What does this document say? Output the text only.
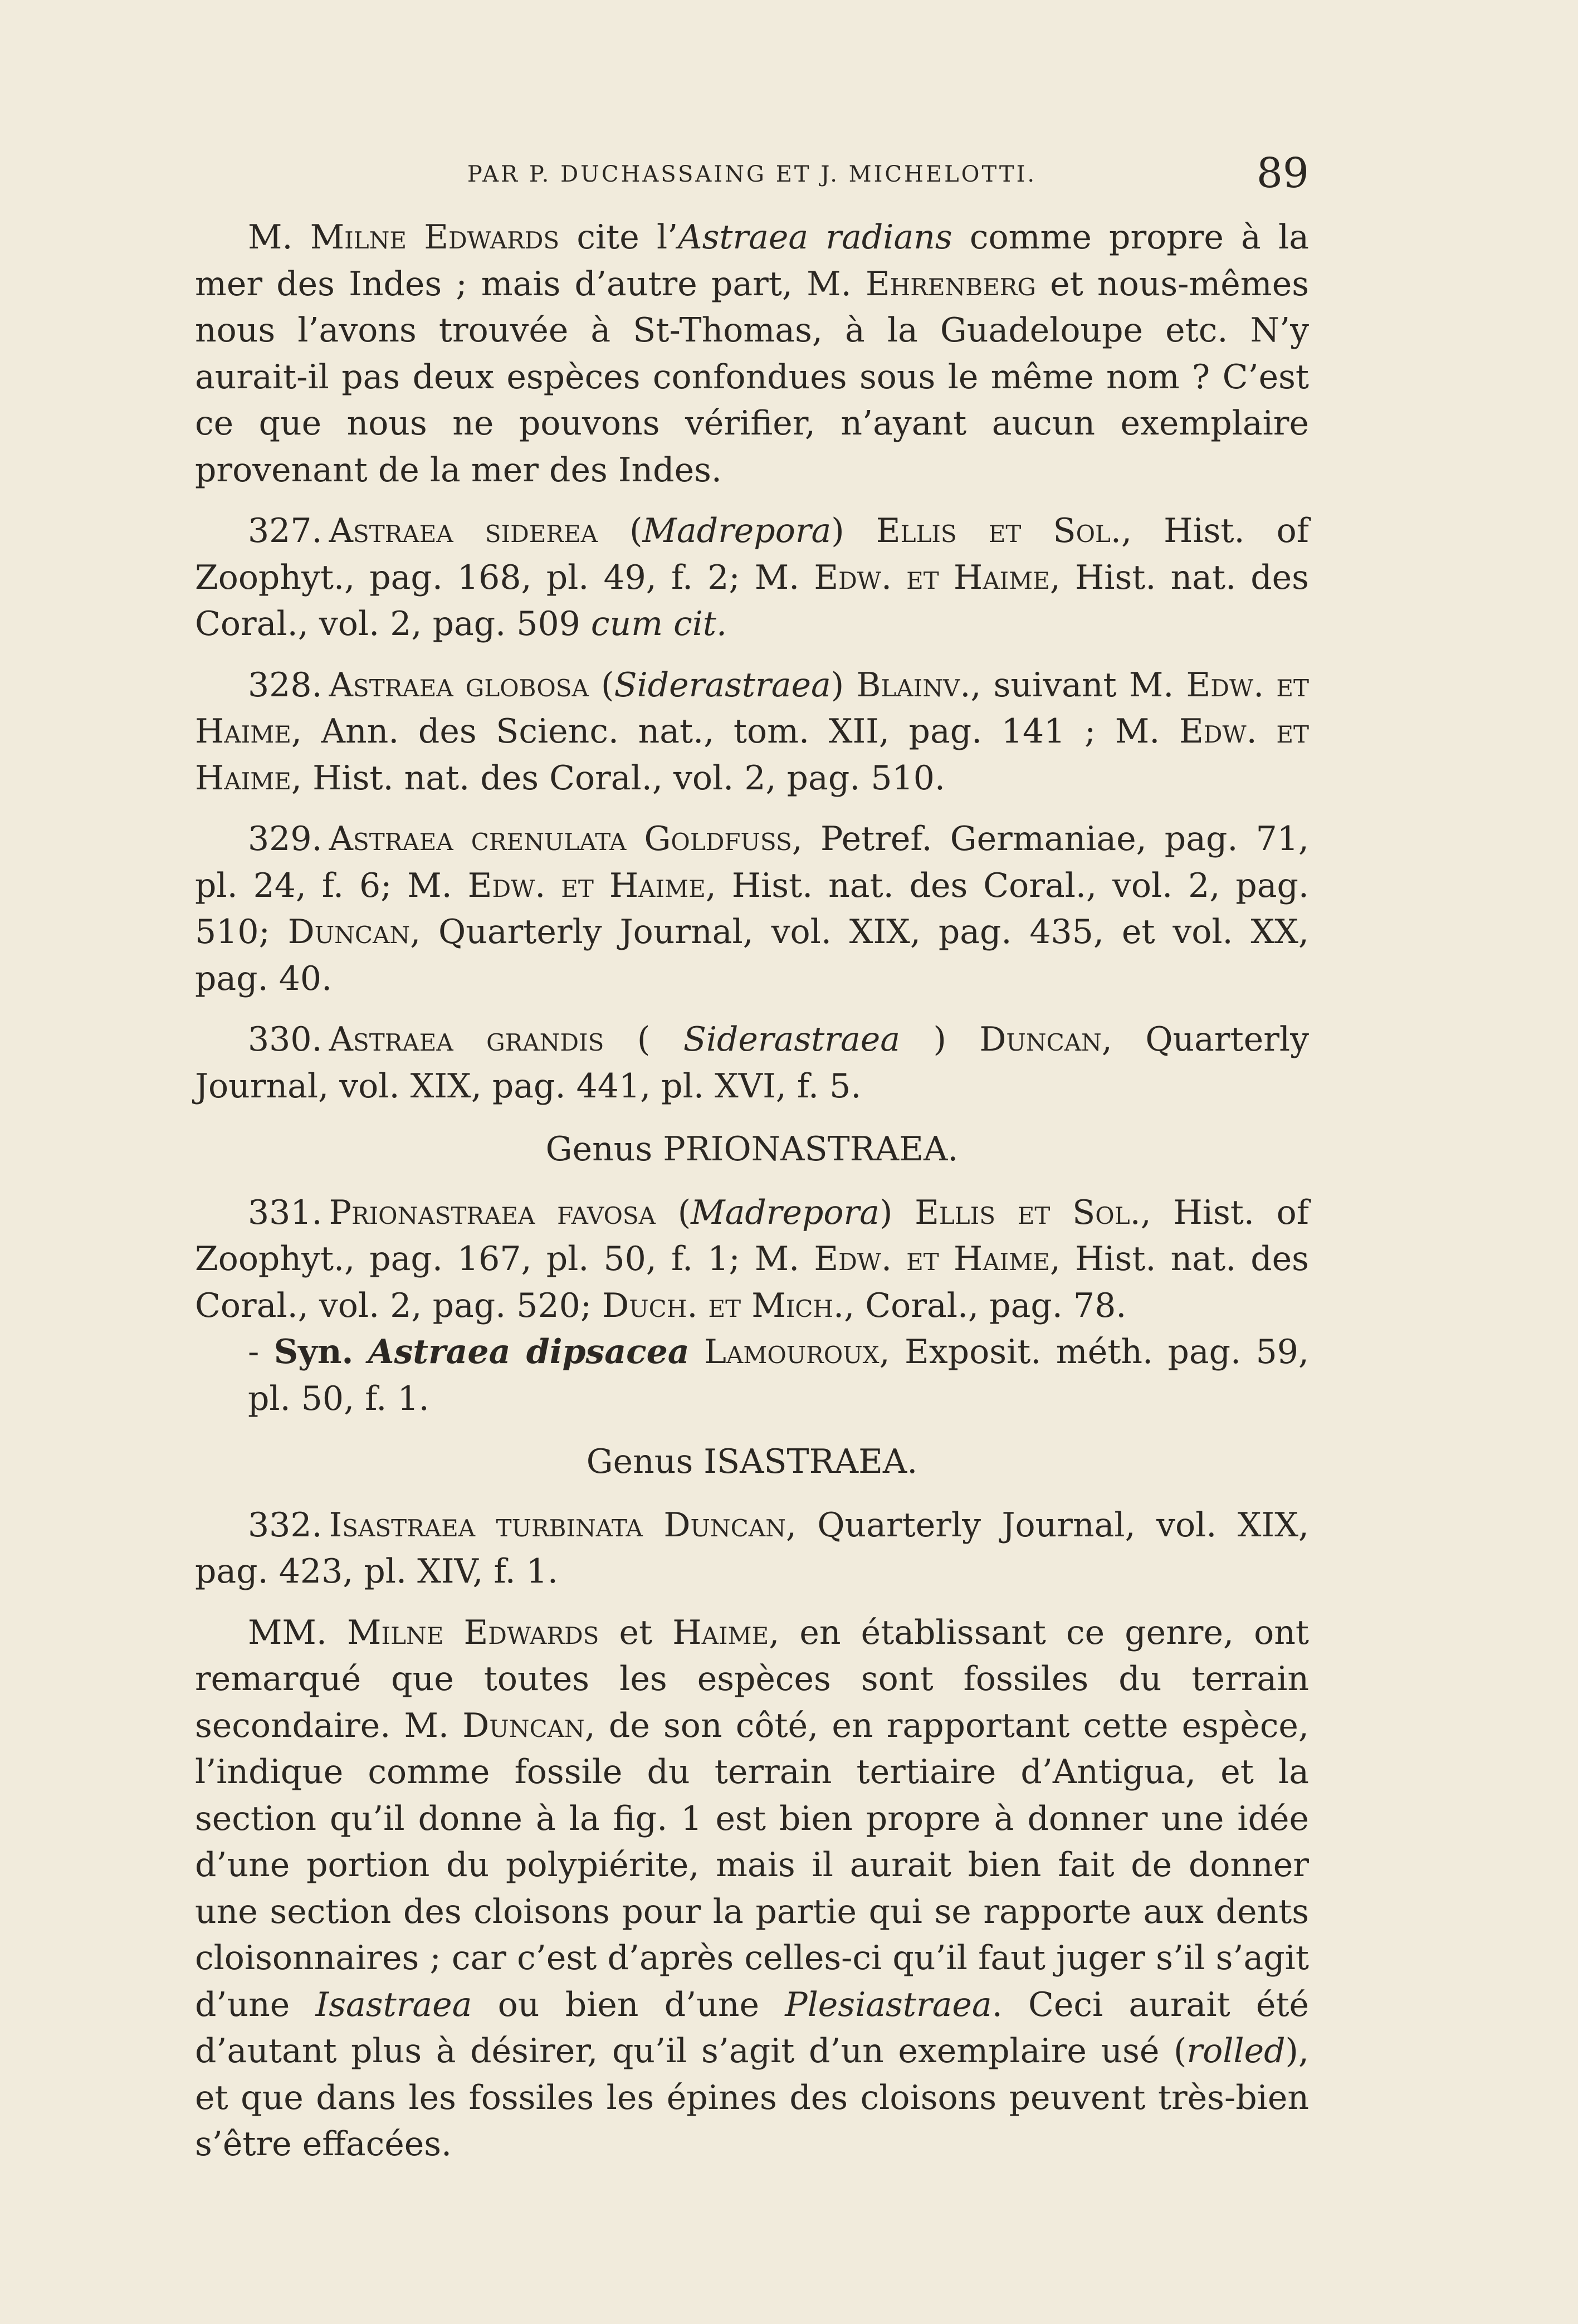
PAR P. DUCHASSAING ET J. MICHELOTTI.	89

M. Milne Edwards cite l’Astraea radians comme propre à la mer des Indes ; mais d’autre part, M. Ehrenberg et nous-mêmes nous l’avons trouvée à St-Thomas, à la Guadeloupe etc. N’y aurait-il pas deux espèces confondues sous le même nom ? C’est ce que nous ne pouvons vérifier, n’ayant aucun exemplaire provenant de la mer des Indes.

327. Astraea siderea (Madrepora) Ellis et Sol., Hist. of Zoophyt., pag. 168, pl. 49, f. 2; M. Edw. et Haime, Hist. nat. des Coral., vol. 2, pag. 509 cum cit.

328. Astraea globosa (Siderastraea) Blainv., suivant M. Edw. et Haime, Ann. des Scienc. nat., tom. XII, pag. 141 ; M. Edw. et Haime, Hist. nat. des Coral., vol. 2, pag. 510.

329. Astraea crenulata Goldfuss, Petref. Germaniae, pag. 71, pl. 24, f. 6; M. Edw. et Haime, Hist. nat. des Coral., vol. 2, pag. 510; Duncan, Quarterly Journal, vol. XIX, pag. 435, et vol. XX, pag. 40.

330. Astraea grandis ( Siderastraea ) Duncan, Quarterly Journal, vol. XIX, pag. 441, pl. XVI, f. 5.

Genus PRIONASTRAEA.

331. Prionastraea favosa (Madrepora) Ellis et Sol., Hist. of Zoophyt., pag. 167, pl. 50, f. 1; M. Edw. et Haime, Hist. nat. des Coral., vol. 2, pag. 520; Duch. et Mich., Coral., pag. 78.

- Syn. Astraea dipsacea Lamouroux, Exposit. méth. pag. 59, pl. 50, f. 1.

Genus ISASTRAEA.

332. Isastraea turbinata Duncan, Quarterly Journal, vol. XIX, pag. 423, pl. XIV, f. 1.

MM. Milne Edwards et Haime, en établissant ce genre, ont remarqué que toutes les espèces sont fossiles du terrain secondaire. M. Duncan, de son côté, en rapportant cette espèce, l’indique comme fossile du terrain tertiaire d’Antigua, et la section qu’il donne à la fig. 1 est bien propre à donner une idée d’une portion du polypiérite, mais il aurait bien fait de donner une section des cloisons pour la partie qui se rapporte aux dents cloisonnaires ; car c’est d’après celles-ci qu’il faut juger s’il s’agit d’une Isastraea ou bien d’une Plesiastraea. Ceci aurait été d’autant plus à désirer, qu’il s’agit d’un exemplaire usé (rolled), et que dans les fossiles les épines des cloisons peuvent très-bien s’être effacées.
